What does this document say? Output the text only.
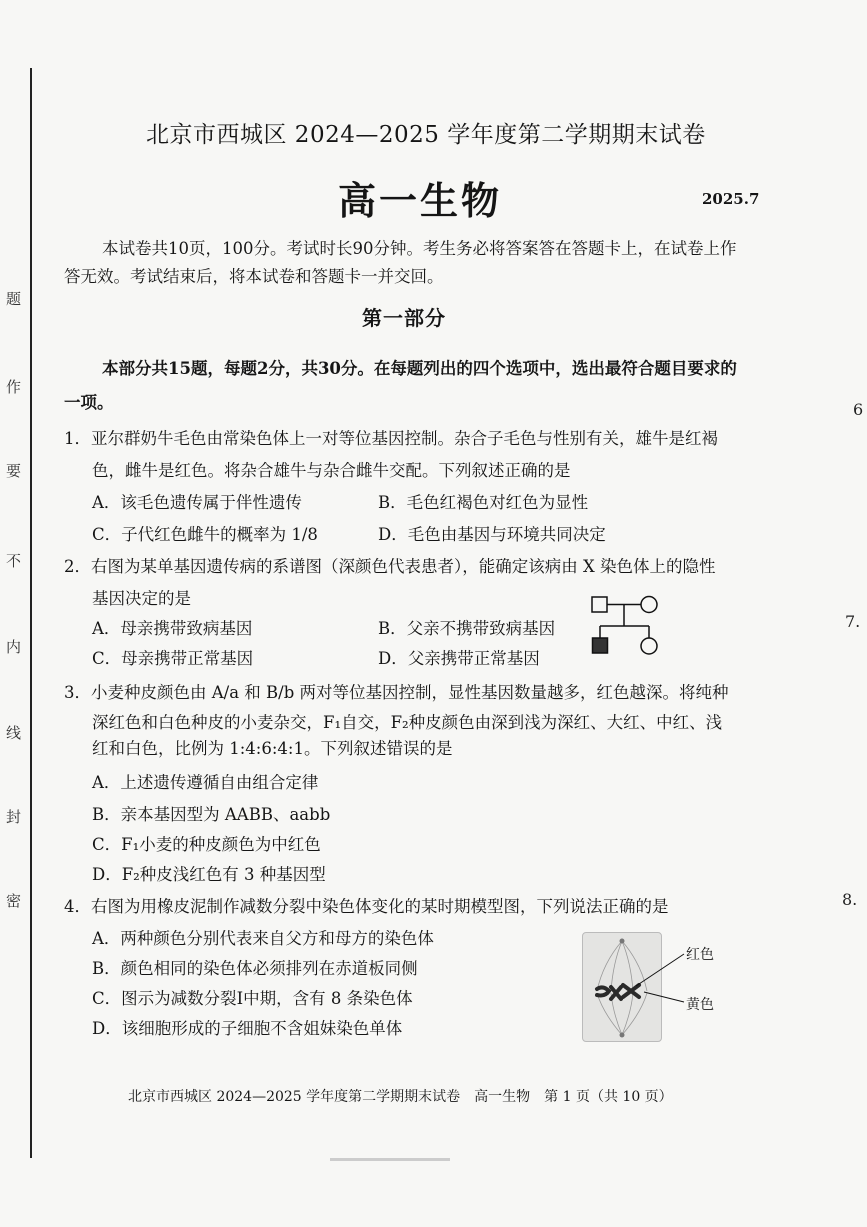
题
作
要
不
内
线
封
密
6
7.
8.
北京市西城区 2024—2025 学年度第二学期期末试卷
高一生物	2025.7
本试卷共10页，100分。考试时长90分钟。考生务必将答案答在答题卡上，在试卷上作
答无效。考试结束后，将本试卷和答题卡一并交回。
第一部分
本部分共15题，每题2分，共30分。在每题列出的四个选项中，选出最符合题目要求的
一项。
1．亚尔群奶牛毛色由常染色体上一对等位基因控制。杂合子毛色与性别有关，雄牛是红褐
色，雌牛是红色。将杂合雄牛与杂合雌牛交配。下列叙述正确的是
A．该毛色遗传属于伴性遗传	B．毛色红褐色对红色为显性
C．子代红色雌牛的概率为 1/8	D．毛色由基因与环境共同决定
2．右图为某单基因遗传病的系谱图（深颜色代表患者），能确定该病由 X 染色体上的隐性
基因决定的是
A．母亲携带致病基因	B．父亲不携带致病基因
C．母亲携带正常基因	D．父亲携带正常基因
3．小麦种皮颜色由 A/a 和 B/b 两对等位基因控制，显性基因数量越多，红色越深。将纯种
深红色和白色种皮的小麦杂交，F₁自交，F₂种皮颜色由深到浅为深红、大红、中红、浅
红和白色，比例为 1:4:6:4:1。下列叙述错误的是
A．上述遗传遵循自由组合定律
B．亲本基因型为 AABB、aabb
C．F₁小麦的种皮颜色为中红色
D．F₂种皮浅红色有 3 种基因型
4．右图为用橡皮泥制作减数分裂中染色体变化的某时期模型图，下列说法正确的是
A．两种颜色分别代表来自父方和母方的染色体
B．颜色相同的染色体必须排列在赤道板同侧
C．图示为减数分裂Ⅰ中期，含有 8 条染色体
D．该细胞形成的子细胞不含姐妹染色单体
红色
黄色
北京市西城区 2024—2025 学年度第二学期期末试卷　高一生物　第 1 页（共 10 页）
